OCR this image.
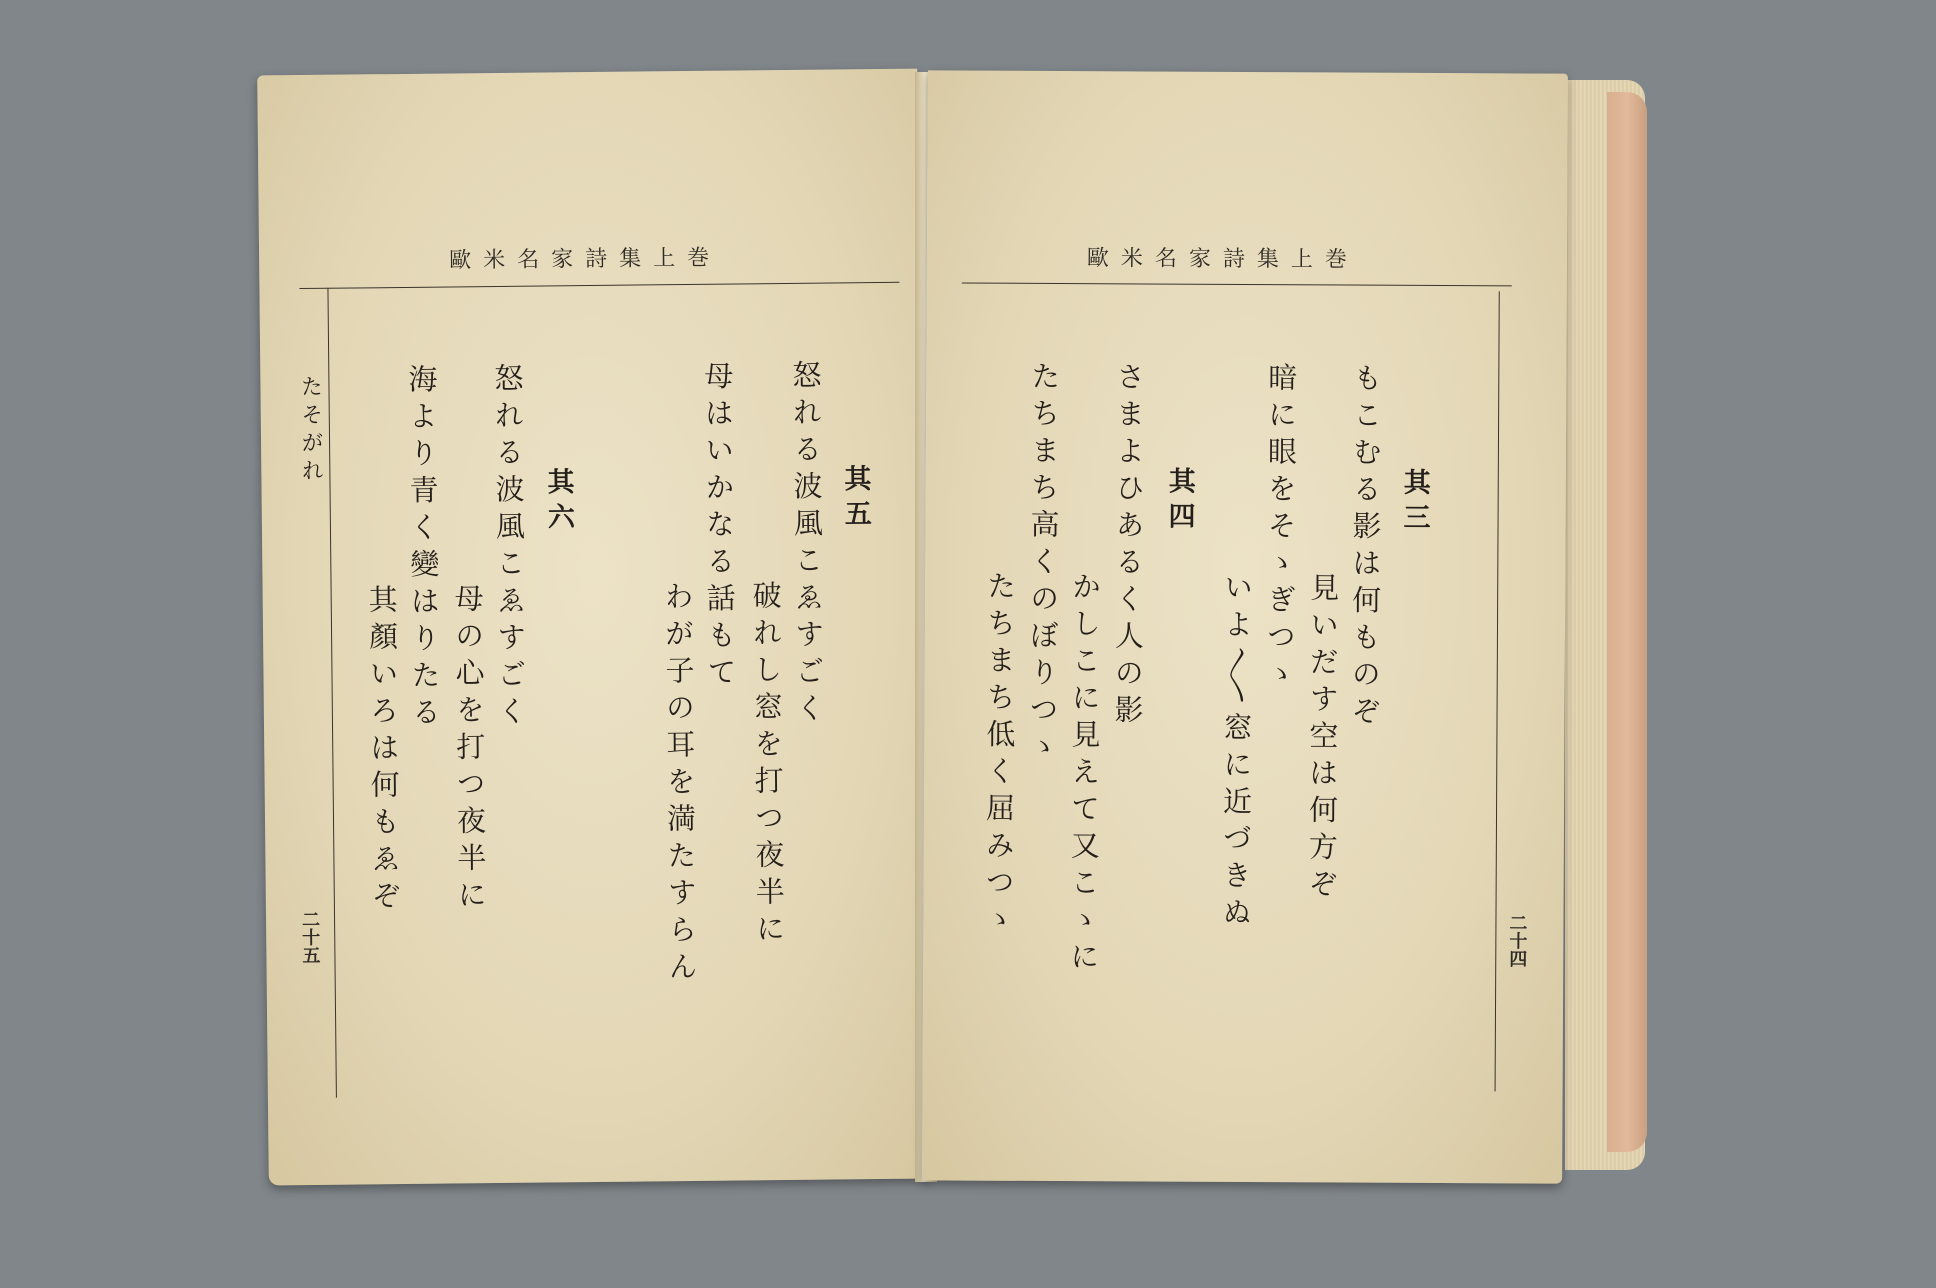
歐米名家詩集上巻
たそがれ
其五
怒れる波風こゑすごく
破れし窓を打つ夜半に
母はいかなる話もて
わが子の耳を満たすらん
其六
怒れる波風こゑすごく
母の心を打つ夜半に
海より青く變はりたる
其顏いろは何もゑぞ
二十五
歐米名家詩集上巻
其三
もこむる影は何ものぞ
見いだす空は何方ぞ
暗に眼をそゝぎつゝ
いよ〳〵窓に近づきぬ
其四
さまよひあるく人の影
かしこに見えて又こゝに
たちまち高くのぼりつゝ
たちまち低く屈みつゝ	二十四
